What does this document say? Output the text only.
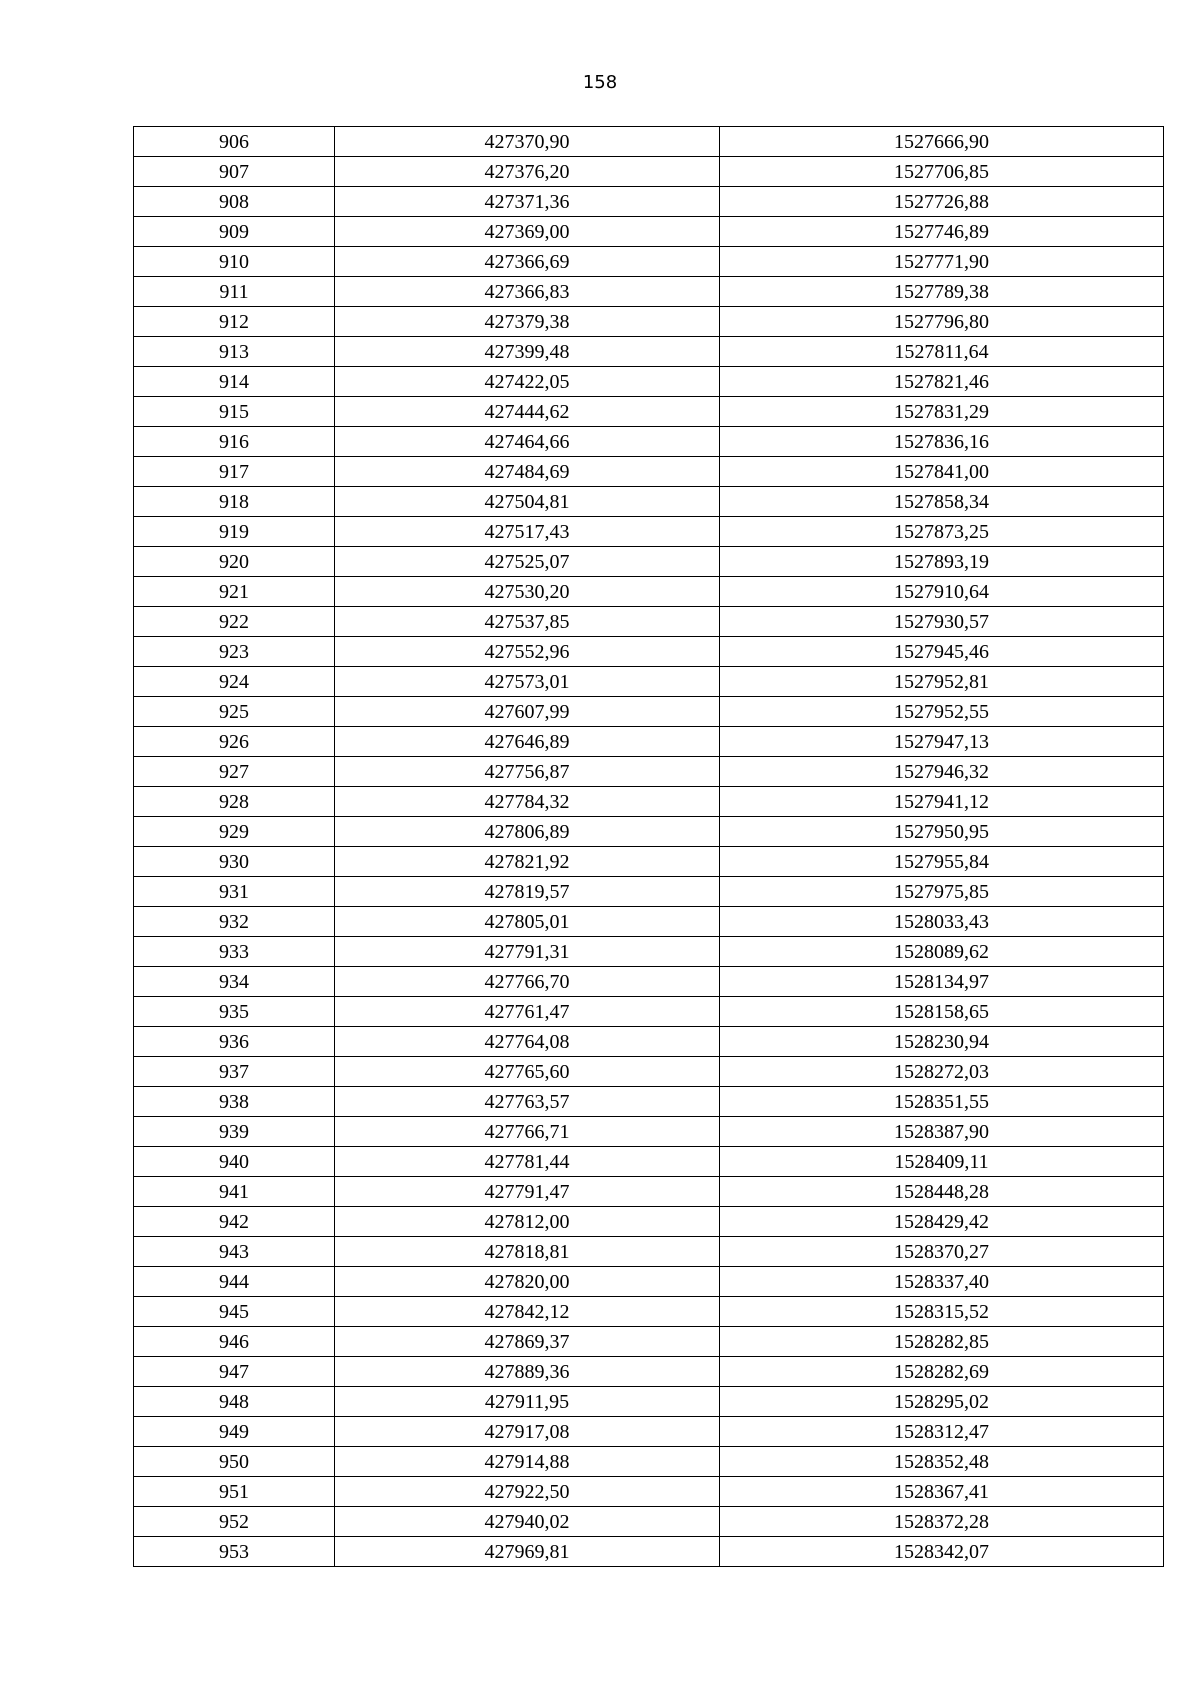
158
906	427370,90	1527666,90
907	427376,20	1527706,85
908	427371,36	1527726,88
909	427369,00	1527746,89
910	427366,69	1527771,90
911	427366,83	1527789,38
912	427379,38	1527796,80
913	427399,48	1527811,64
914	427422,05	1527821,46
915	427444,62	1527831,29
916	427464,66	1527836,16
917	427484,69	1527841,00
918	427504,81	1527858,34
919	427517,43	1527873,25
920	427525,07	1527893,19
921	427530,20	1527910,64
922	427537,85	1527930,57
923	427552,96	1527945,46
924	427573,01	1527952,81
925	427607,99	1527952,55
926	427646,89	1527947,13
927	427756,87	1527946,32
928	427784,32	1527941,12
929	427806,89	1527950,95
930	427821,92	1527955,84
931	427819,57	1527975,85
932	427805,01	1528033,43
933	427791,31	1528089,62
934	427766,70	1528134,97
935	427761,47	1528158,65
936	427764,08	1528230,94
937	427765,60	1528272,03
938	427763,57	1528351,55
939	427766,71	1528387,90
940	427781,44	1528409,11
941	427791,47	1528448,28
942	427812,00	1528429,42
943	427818,81	1528370,27
944	427820,00	1528337,40
945	427842,12	1528315,52
946	427869,37	1528282,85
947	427889,36	1528282,69
948	427911,95	1528295,02
949	427917,08	1528312,47
950	427914,88	1528352,48
951	427922,50	1528367,41
952	427940,02	1528372,28
953	427969,81	1528342,07
